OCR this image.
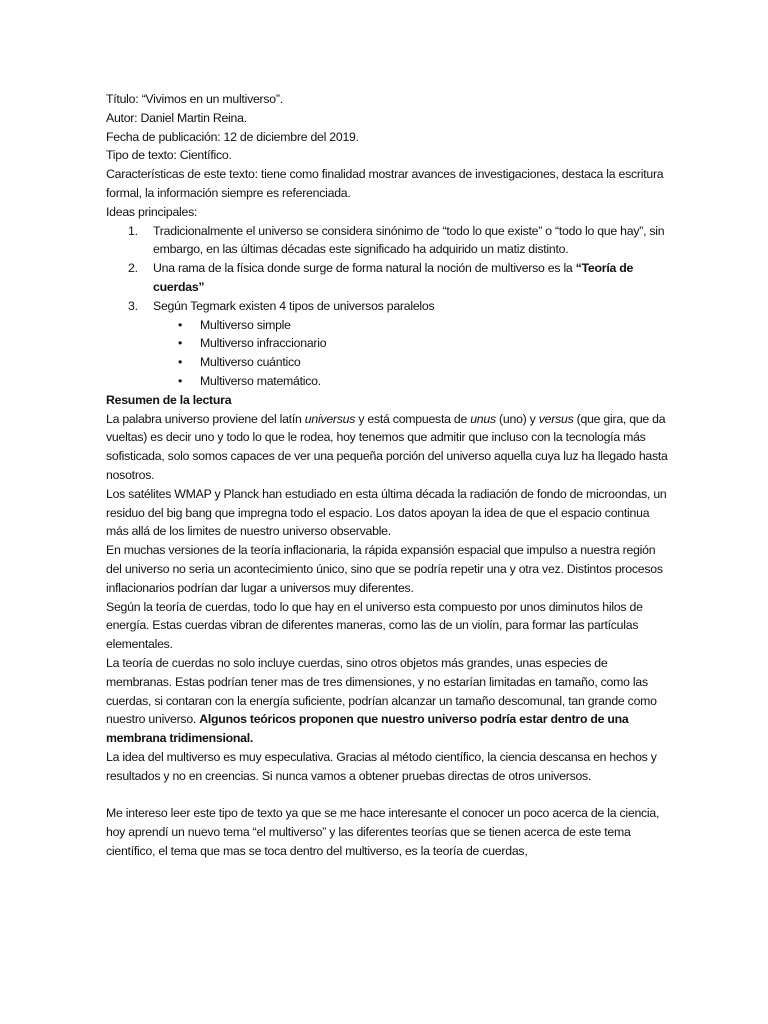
Título: “Vivimos en un multiverso”.

Autor: Daniel Martin Reina.

Fecha de publicación: 12 de diciembre del 2019.

Tipo de texto: Científico.

Características de este texto: tiene como finalidad mostrar avances de investigaciones, destaca la escritura formal, la información siempre es referenciada.

Ideas principales:

1. Tradicionalmente el universo se considera sinónimo de “todo lo que existe” o “todo lo que hay”, sin embargo, en las últimas décadas este significado ha adquirido un matiz distinto.
2. Una rama de la física donde surge de forma natural la noción de multiverso es la “Teoría de cuerdas”
3. Según Tegmark existen 4 tipos de universos paralelos
• Multiverso simple
• Multiverso infraccionario
• Multiverso cuántico
• Multiverso matemático.

Resumen de la lectura

La palabra universo proviene del latín universus y está compuesta de unus (uno) y versus (que gira, que da vueltas) es decir uno y todo lo que le rodea, hoy tenemos que admitir que incluso con la tecnología más sofisticada, solo somos capaces de ver una pequeña porción del universo aquella cuya luz ha llegado hasta nosotros.

Los satélites WMAP y Planck han estudiado en esta última década la radiación de fondo de microondas, un residuo del big bang que impregna todo el espacio. Los datos apoyan la idea de que el espacio continua más allá de los limites de nuestro universo observable.

En muchas versiones de la teoría inflacionaria, la rápida expansión espacial que impulso a nuestra región del universo no seria un acontecimiento único, sino que se podría repetir una y otra vez. Distintos procesos inflacionarios podrían dar lugar a universos muy diferentes.

Según la teoría de cuerdas, todo lo que hay en el universo esta compuesto por unos diminutos hilos de energía. Estas cuerdas vibran de diferentes maneras, como las de un violín, para formar las partículas elementales.

La teoría de cuerdas no solo incluye cuerdas, sino otros objetos más grandes, unas especies de membranas. Estas podrían tener mas de tres dimensiones, y no estarían limitadas en tamaño, como las cuerdas, si contaran con la energía suficiente, podrían alcanzar un tamaño descomunal, tan grande como nuestro universo. Algunos teóricos proponen que nuestro universo podría estar dentro de una membrana tridimensional.

La idea del multiverso es muy especulativa. Gracias al método científico, la ciencia descansa en hechos y resultados y no en creencias. Si nunca vamos a obtener pruebas directas de otros universos.

Me intereso leer este tipo de texto ya que se me hace interesante el conocer un poco acerca de la ciencia, hoy aprendí un nuevo tema “el multiverso” y las diferentes teorías que se tienen acerca de este tema científico, el tema que mas se toca dentro del multiverso, es la teoría de cuerdas,
